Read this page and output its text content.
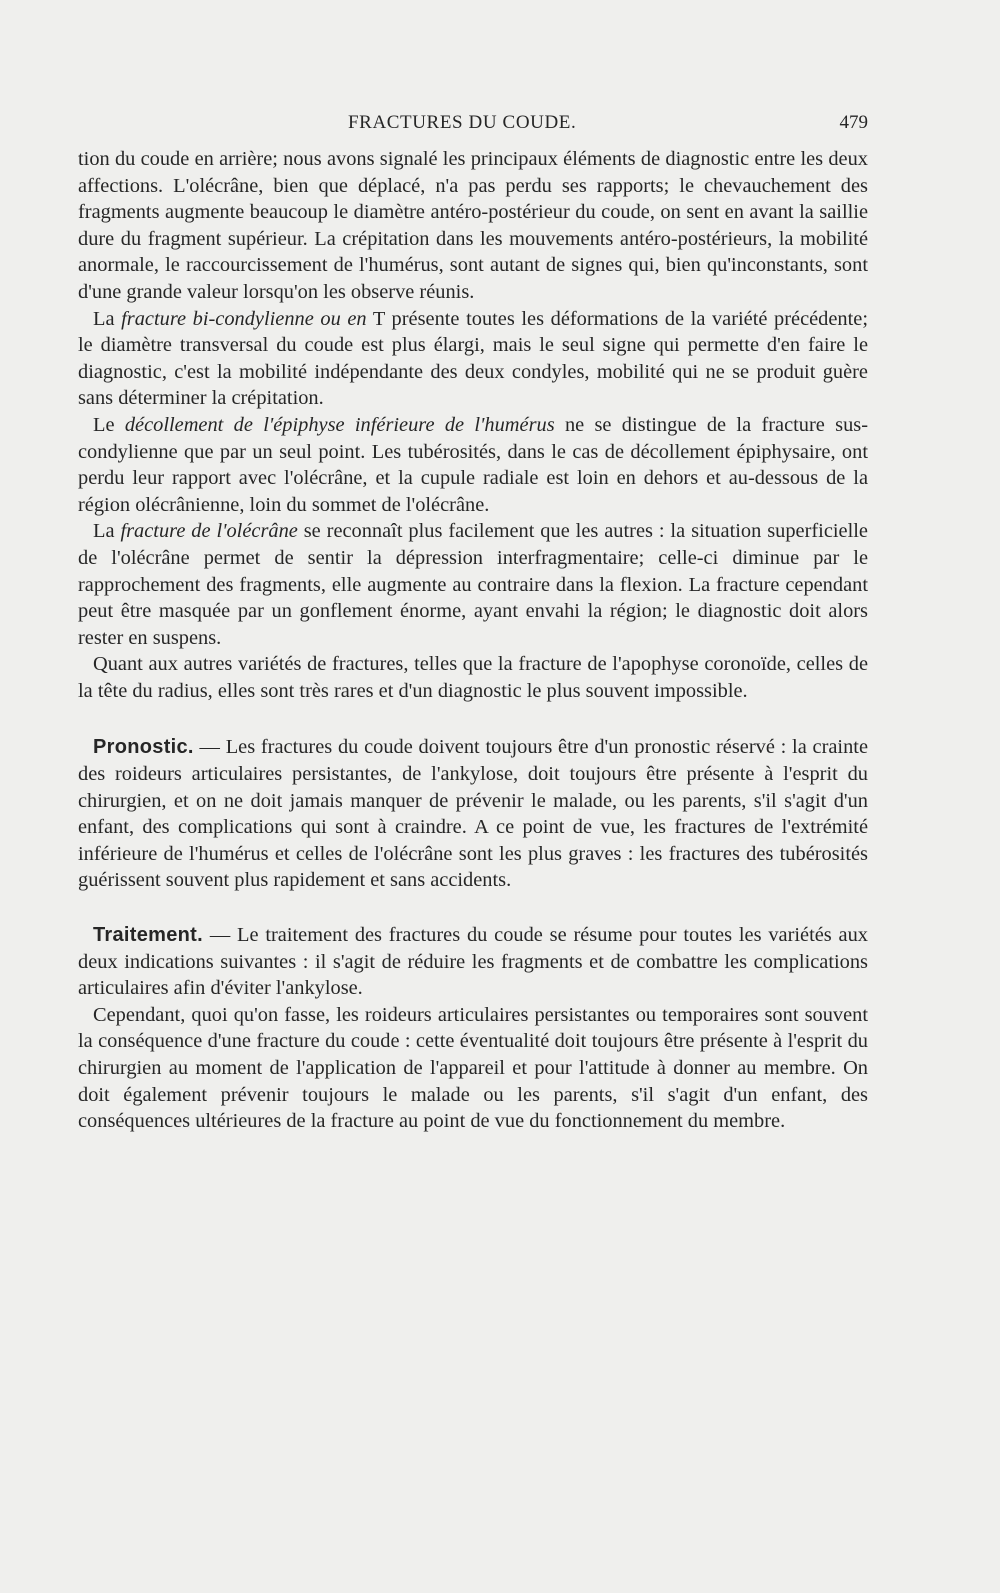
FRACTURES DU COUDE.	479

tion du coude en arrière; nous avons signalé les principaux éléments de diagnostic entre les deux affections. L'olécrâne, bien que déplacé, n'a pas perdu ses rapports; le chevauchement des fragments augmente beaucoup le diamètre antéro-postérieur du coude, on sent en avant la saillie dure du fragment supérieur. La crépitation dans les mouvements antéro-postérieurs, la mobilité anormale, le raccourcissement de l'humérus, sont autant de signes qui, bien qu'inconstants, sont d'une grande valeur lorsqu'on les observe réunis.

La fracture bi-condylienne ou en T présente toutes les déformations de la variété précédente; le diamètre transversal du coude est plus élargi, mais le seul signe qui permette d'en faire le diagnostic, c'est la mobilité indépendante des deux condyles, mobilité qui ne se produit guère sans déterminer la crépitation.

Le décollement de l'épiphyse inférieure de l'humérus ne se distingue de la fracture sus-condylienne que par un seul point. Les tubérosités, dans le cas de décollement épiphysaire, ont perdu leur rapport avec l'olécrâne, et la cupule radiale est loin en dehors et au-dessous de la région olécrânienne, loin du sommet de l'olécrâne.

La fracture de l'olécrâne se reconnaît plus facilement que les autres : la situation superficielle de l'olécrâne permet de sentir la dépression interfragmentaire; celle-ci diminue par le rapprochement des fragments, elle augmente au contraire dans la flexion. La fracture cependant peut être masquée par un gonflement énorme, ayant envahi la région; le diagnostic doit alors rester en suspens.

Quant aux autres variétés de fractures, telles que la fracture de l'apophyse coronoïde, celles de la tête du radius, elles sont très rares et d'un diagnostic le plus souvent impossible.

Pronostic. — Les fractures du coude doivent toujours être d'un pronostic réservé : la crainte des roideurs articulaires persistantes, de l'ankylose, doit toujours être présente à l'esprit du chirurgien, et on ne doit jamais manquer de prévenir le malade, ou les parents, s'il s'agit d'un enfant, des complications qui sont à craindre. A ce point de vue, les fractures de l'extrémité inférieure de l'humérus et celles de l'olécrâne sont les plus graves : les fractures des tubérosités guérissent souvent plus rapidement et sans accidents.

Traitement. — Le traitement des fractures du coude se résume pour toutes les variétés aux deux indications suivantes : il s'agit de réduire les fragments et de combattre les complications articulaires afin d'éviter l'ankylose.

Cependant, quoi qu'on fasse, les roideurs articulaires persistantes ou temporaires sont souvent la conséquence d'une fracture du coude : cette éventualité doit toujours être présente à l'esprit du chirurgien au moment de l'application de l'appareil et pour l'attitude à donner au membre. On doit également prévenir toujours le malade ou les parents, s'il s'agit d'un enfant, des conséquences ultérieures de la fracture au point de vue du fonctionnement du membre.
